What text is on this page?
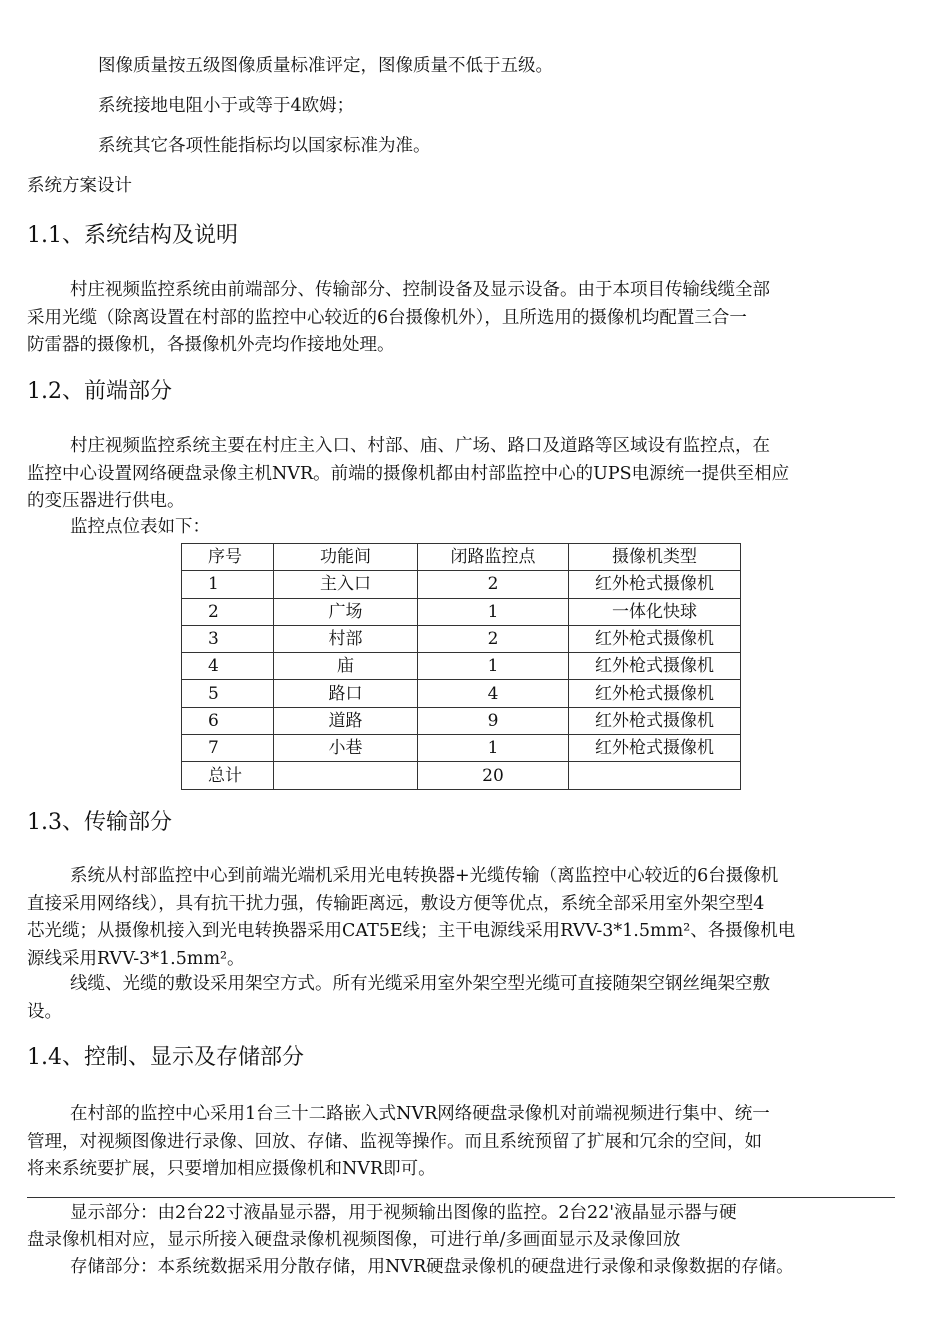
图像质量按五级图像质量标准评定，图像质量不低于五级。

系统接地电阻小于或等于4欧姆；

系统其它各项性能指标均以国家标准为准。

系统方案设计

1.1、系统结构及说明
村庄视频监控系统由前端部分、传输部分、控制设备及显示设备。由于本项目传输线缆全部
采用光缆（除离设置在村部的监控中心较近的6台摄像机外），且所选用的摄像机均配置三合一
防雷器的摄像机，各摄像机外壳均作接地处理。
1.2、前端部分
村庄视频监控系统主要在村庄主入口、村部、庙、广场、路口及道路等区域设有监控点，在
监控中心设置网络硬盘录像主机NVR。前端的摄像机都由村部监控中心的UPS电源统一提供至相应
的变压器进行供电。

监控点位表如下：

序号	功能间	闭路监控点	摄像机类型
1	主入口	2	红外枪式摄像机
2	广场	1	一体化快球
3	村部	2	红外枪式摄像机
4	庙	1	红外枪式摄像机
5	路口	4	红外枪式摄像机
6	道路	9	红外枪式摄像机
7	小巷	1	红外枪式摄像机
总计		20	
1.3、传输部分
系统从村部监控中心到前端光端机采用光电转换器+光缆传输（离监控中心较近的6台摄像机
直接采用网络线），具有抗干扰力强，传输距离远，敷设方便等优点，系统全部采用室外架空型4
芯光缆；从摄像机接入到光电转换器采用CAT5E线；主干电源线采用RVV-3*1.5mm²、各摄像机电
源线采用RVV-3*1.5mm²。
线缆、光缆的敷设采用架空方式。所有光缆采用室外架空型光缆可直接随架空钢丝绳架空敷
设。
1.4、控制、显示及存储部分
在村部的监控中心采用1台三十二路嵌入式NVR网络硬盘录像机对前端视频进行集中、统一
管理，对视频图像进行录像、回放、存储、监视等操作。而且系统预留了扩展和冗余的空间，如
将来系统要扩展，只要增加相应摄像机和NVR即可。
显示部分：由2台22寸液晶显示器，用于视频输出图像的监控。2台22'液晶显示器与硬
盘录像机相对应，显示所接入硬盘录像机视频图像，可进行单/多画面显示及录像回放
存储部分：本系统数据采用分散存储，用NVR硬盘录像机的硬盘进行录像和录像数据的存储。
